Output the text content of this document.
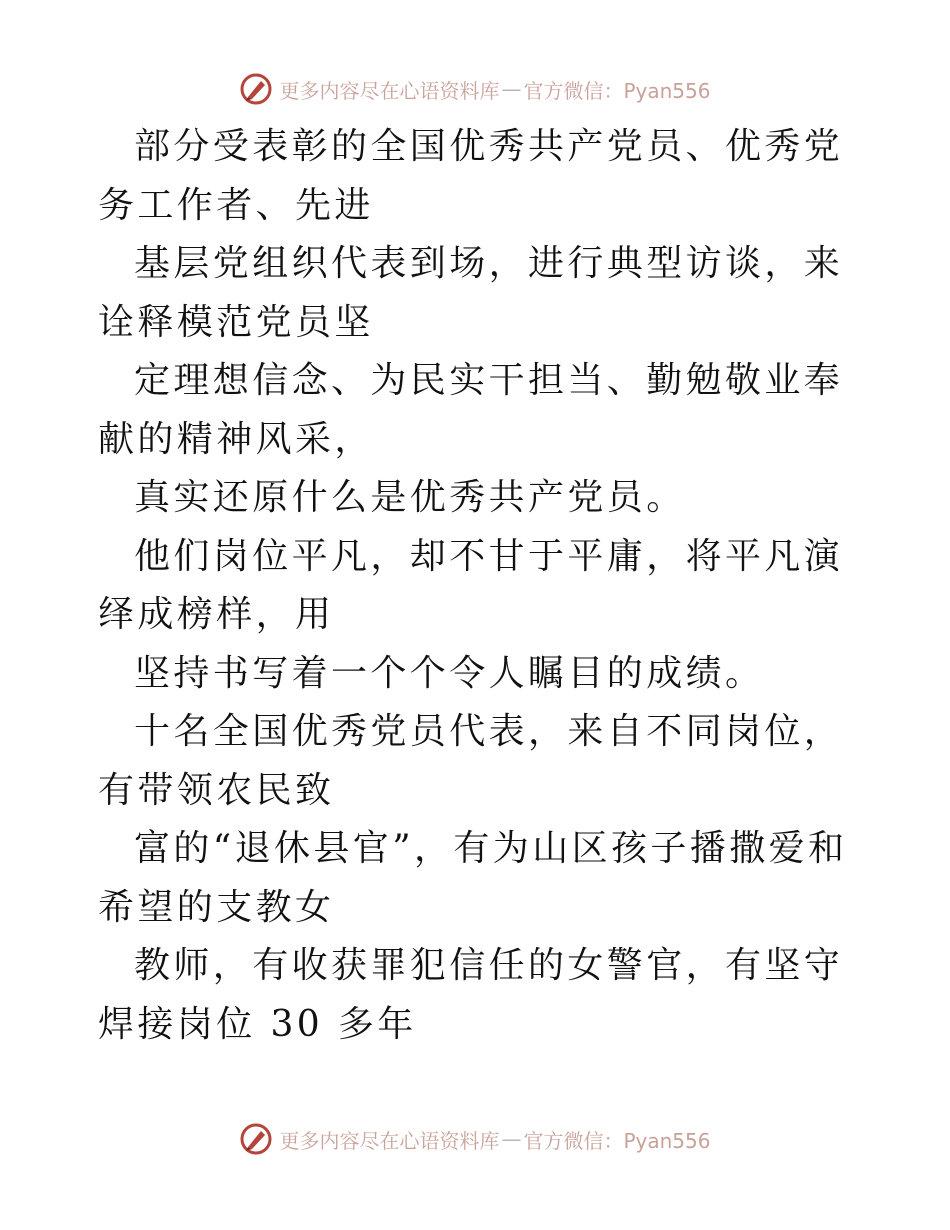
更多内容尽在心语资料库 — 官方微信：Pyan556

部分受表彰的全国优秀共产党员、优秀党务工作者、先进

基层党组织代表到场，进行典型访谈，来诠释模范党员坚

定理想信念、为民实干担当、勤勉敬业奉献的精神风采，

真实还原什么是优秀共产党员。

他们岗位平凡，却不甘于平庸，将平凡演绎成榜样，用

坚持书写着一个个令人瞩目的成绩。

十名全国优秀党员代表，来自不同岗位，有带领农民致

富的“退休县官”，有为山区孩子播撒爱和希望的支教女

教师，有收获罪犯信任的女警官，有坚守焊接岗位 30 多年

更多内容尽在心语资料库 — 官方微信：Pyan556
